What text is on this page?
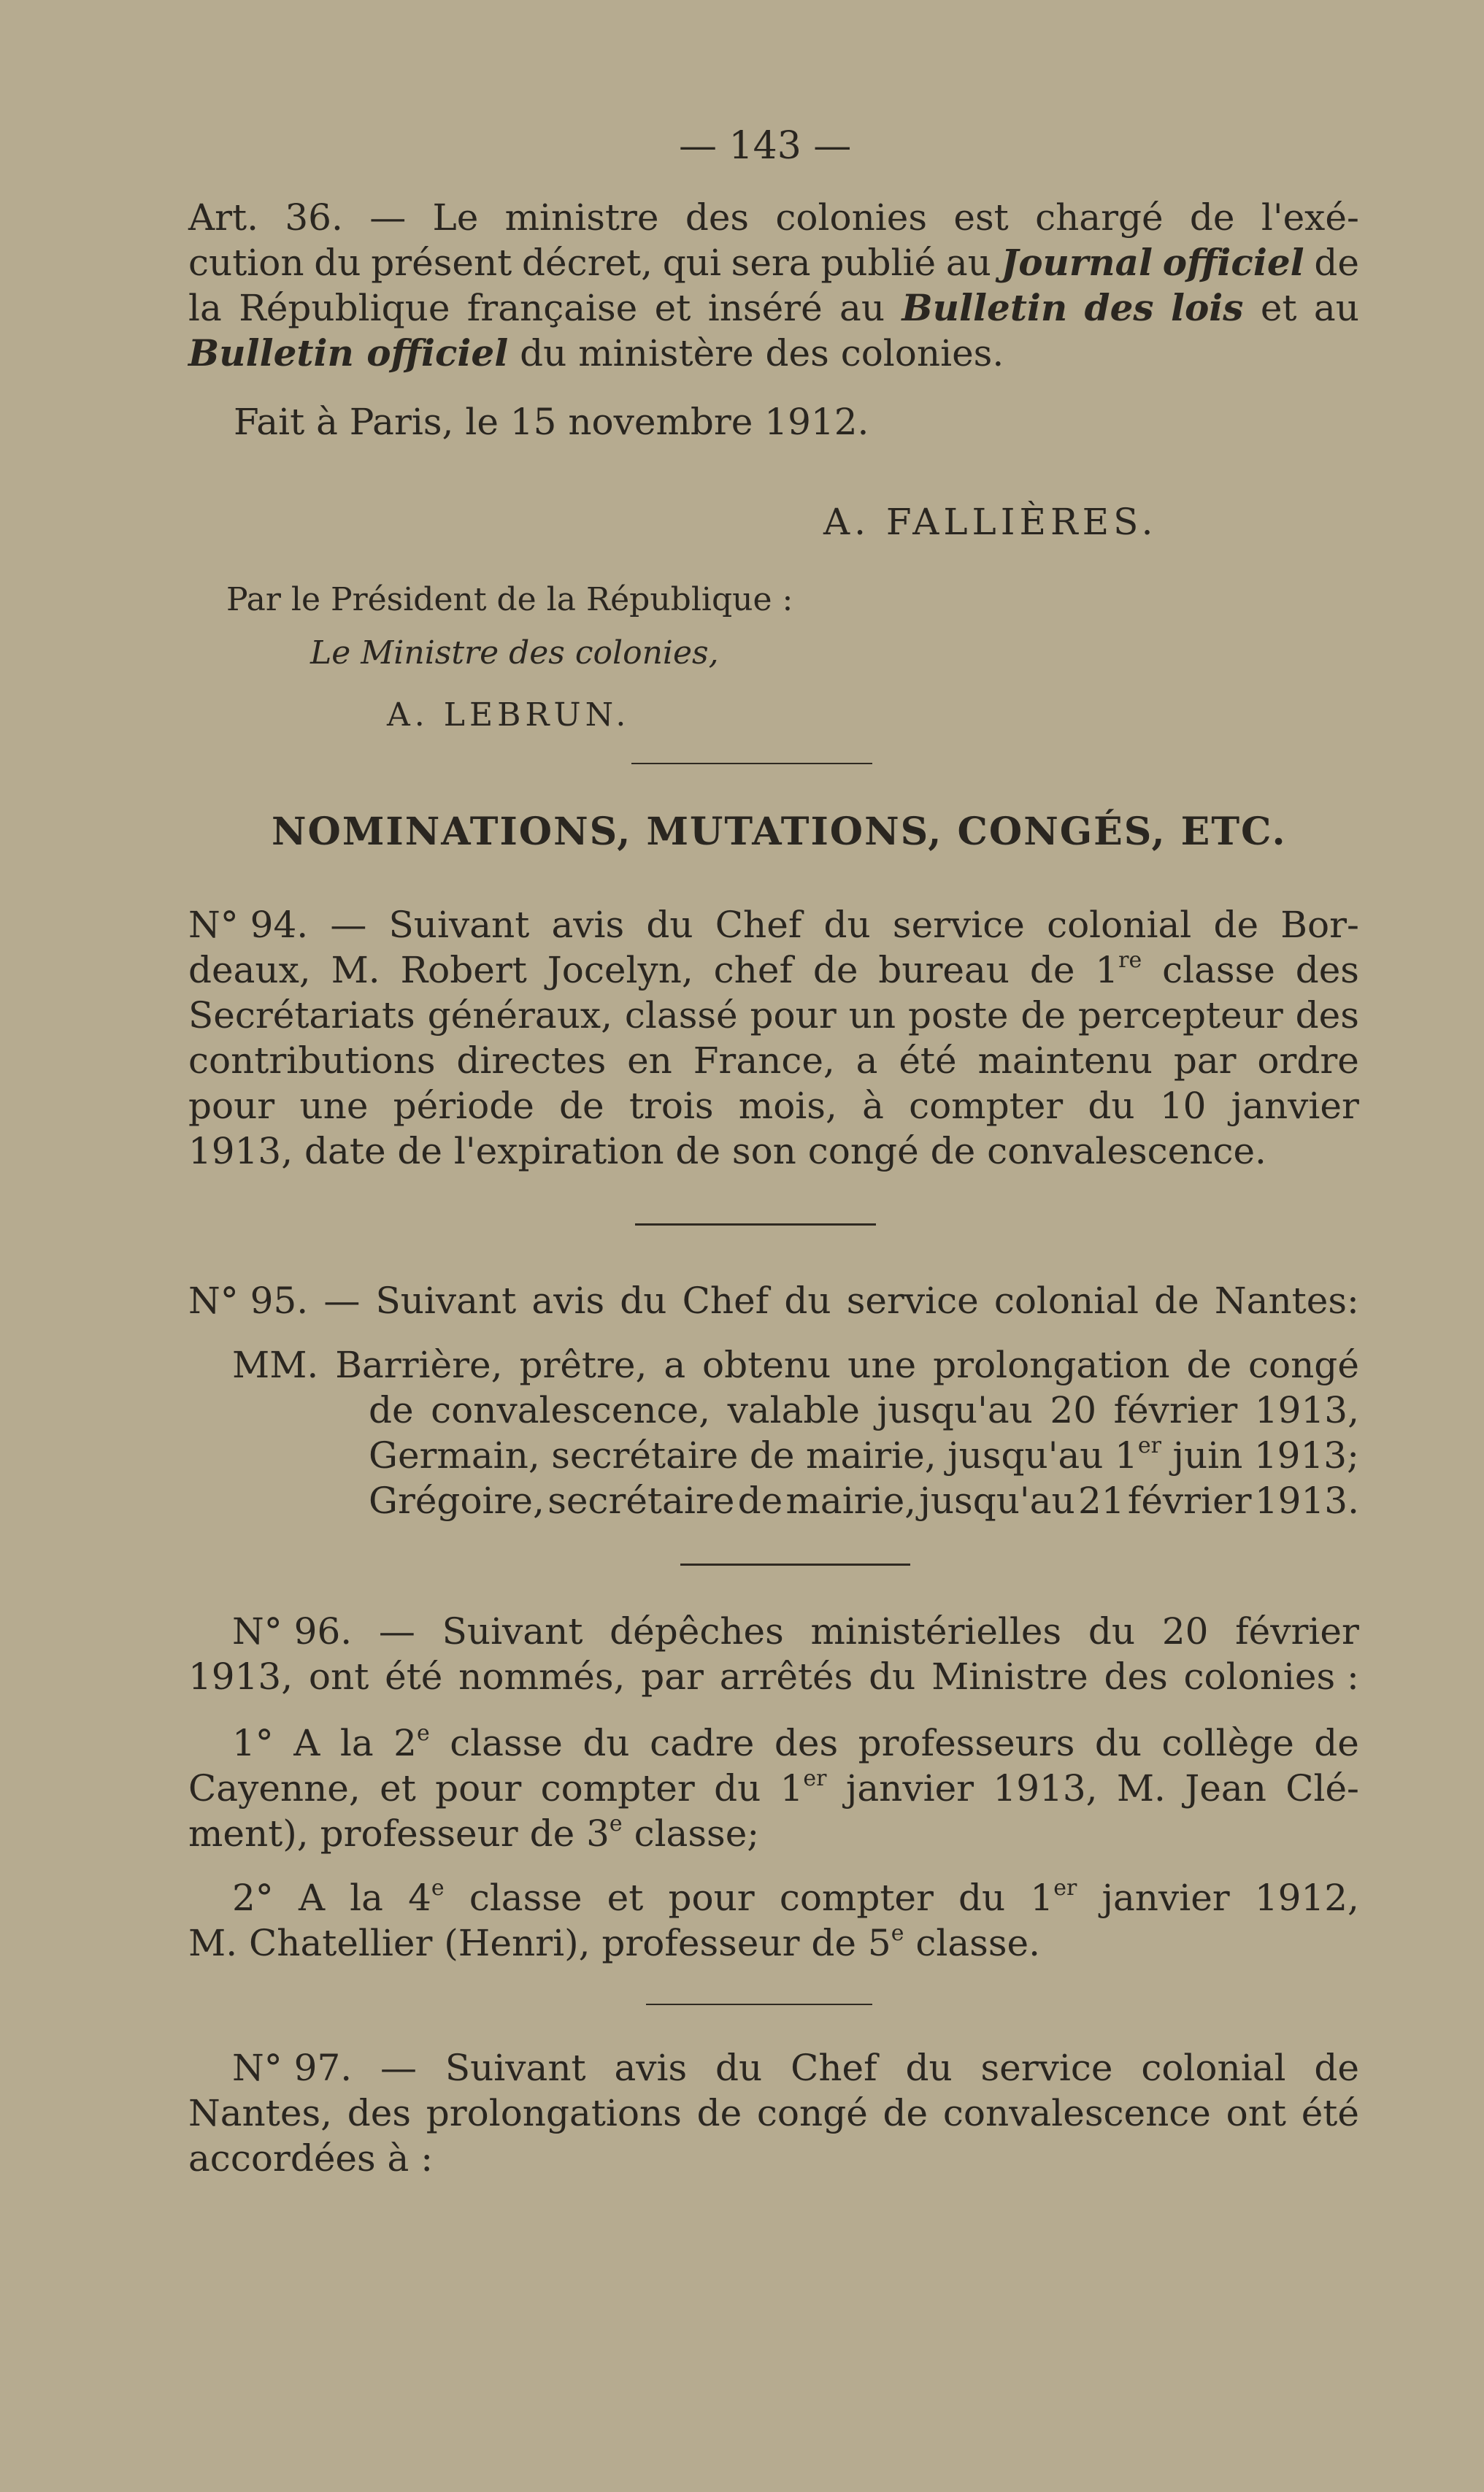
— 143 —
Art. 36. — Le ministre des colonies est chargé de l'exé-
cution du présent décret, qui sera publié au Journal officiel de
la République française et inséré au Bulletin des lois et au
Bulletin officiel du ministère des colonies.
Fait à Paris, le 15 novembre 1912.
A. FALLIÈRES.
Par le Président de la République :
Le Ministre des colonies,
A. LEBRUN.
NOMINATIONS, MUTATIONS, CONGÉS, ETC.
N° 94. — Suivant avis du Chef du service colonial de Bor-
deaux, M. Robert Jocelyn, chef de bureau de 1re classe des
Secrétariats généraux, classé pour un poste de percepteur des
contributions directes en France, a été maintenu par ordre
pour une période de trois mois, à compter du 10 janvier
1913, date de l'expiration de son congé de convalescence.
N° 95. — Suivant avis du Chef du service colonial de Nantes:
MM. Barrière, prêtre, a obtenu une prolongation de congé
de convalescence, valable jusqu'au 20 février 1913,
Germain, secrétaire de mairie, jusqu'au 1er juin 1913;
Grégoire, secrétaire de mairie, jusqu'au 21 février 1913.
N° 96. — Suivant dépêches ministérielles du 20 février
1913, ont été nommés, par arrêtés du Ministre des colonies :
1° A la 2e classe du cadre des professeurs du collège de
Cayenne, et pour compter du 1er janvier 1913, M. Jean Clé-
ment), professeur de 3e classe;
2° A la 4e classe et pour compter du 1er janvier 1912,
M. Chatellier (Henri), professeur de 5e classe.
N° 97. — Suivant avis du Chef du service colonial de
Nantes, des prolongations de congé de convalescence ont été
accordées à :
